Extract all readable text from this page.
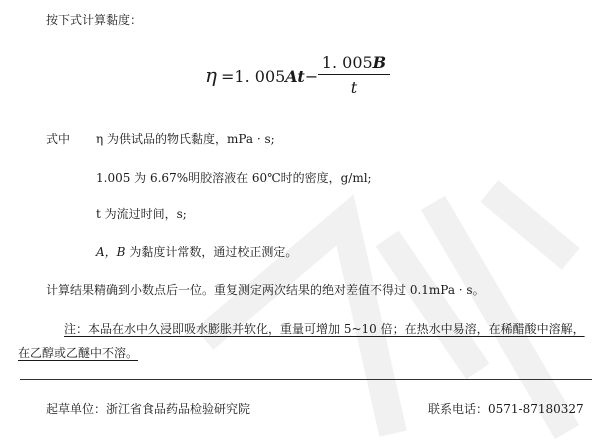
按下式计算黏度：
η =1. 005At−
1. 005B
t
式中 η 为供试品的物氏黏度，mPa · s;
1.005 为 6.67%明胶溶液在 60℃时的密度，g/ml;
t 为流过时间，s;
A，B 为黏度计常数，通过校正测定。
计算结果精确到小数点后一位。重复测定两次结果的绝对差值不得过 0.1mPa · s。
注：本品在水中久浸即吸水膨胀并软化，重量可增加 5~10 倍；在热水中易溶，在稀醋酸中溶解，在乙醇或乙醚中不溶。
起草单位：浙江省食品药品检验研究院	联系电话：0571-87180327
